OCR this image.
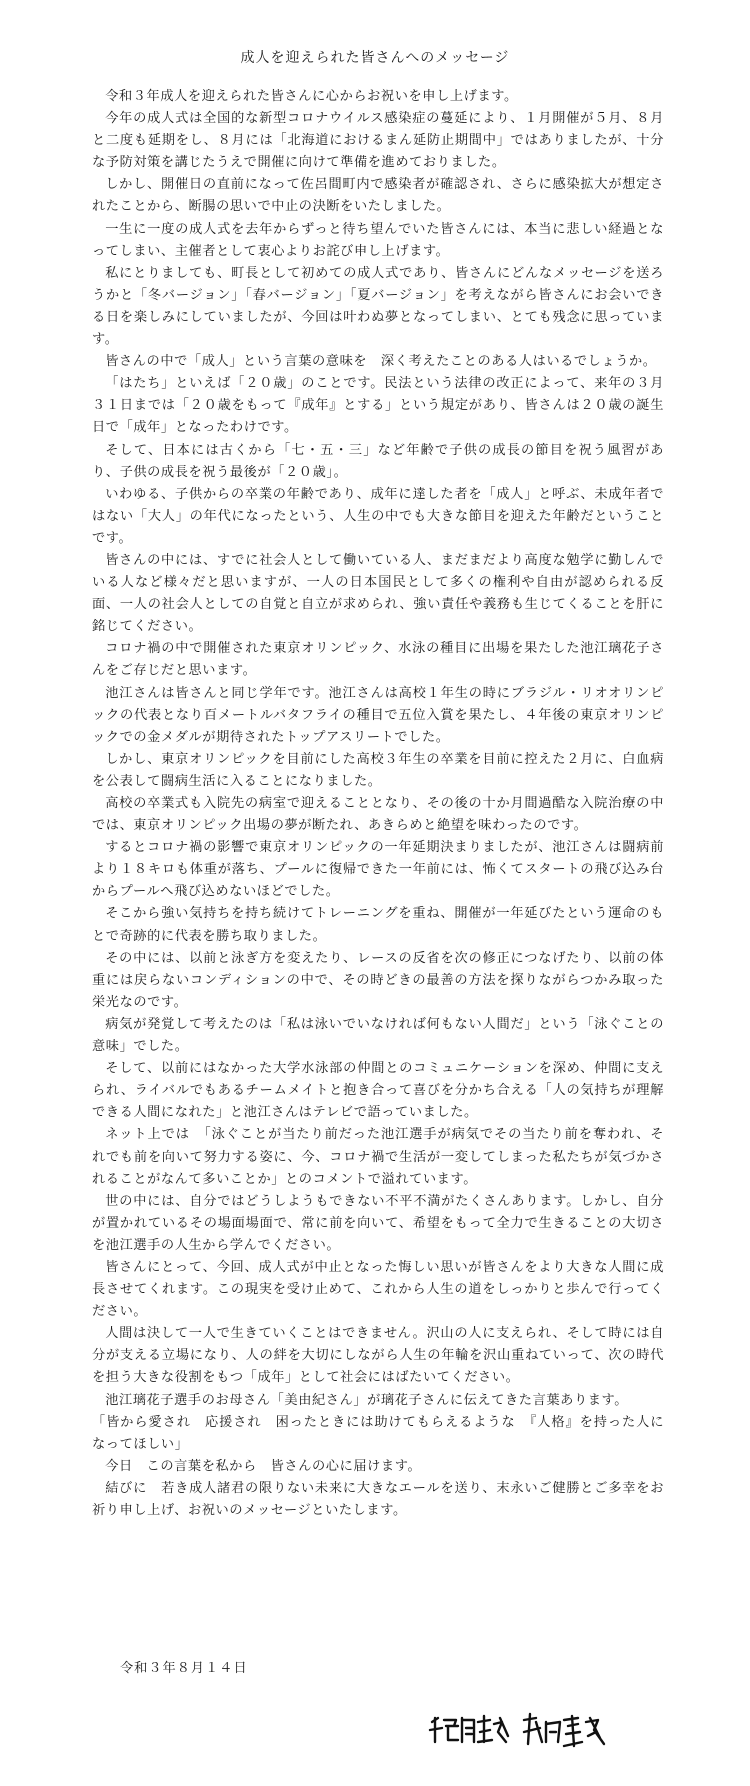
成人を迎えられた皆さんへのメッセージ

令和３年成人を迎えられた皆さんに心からお祝いを申し上げます。

今年の成人式は全国的な新型コロナウイルス感染症の蔓延により、１月開催が５月、８月と二度も延期をし、８月には「北海道におけるまん延防止期間中」ではありましたが、十分な予防対策を講じたうえで開催に向けて準備を進めておりました。

しかし、開催日の直前になって佐呂間町内で感染者が確認され、さらに感染拡大が想定されたことから、断腸の思いで中止の決断をいたしました。

一生に一度の成人式を去年からずっと待ち望んでいた皆さんには、本当に悲しい経過となってしまい、主催者として衷心よりお詫び申し上げます。

私にとりましても、町長として初めての成人式であり、皆さんにどんなメッセージを送ろうかと「冬バージョン」「春バージョン」「夏バージョン」を考えながら皆さんにお会いできる日を楽しみにしていましたが、今回は叶わぬ夢となってしまい、とても残念に思っています。

皆さんの中で「成人」という言葉の意味を　深く考えたことのある人はいるでしょうか。

「はたち」といえば「２０歳」のことです。民法という法律の改正によって、来年の３月３１日までは「２０歳をもって『成年』とする」という規定があり、皆さんは２０歳の誕生日で「成年」となったわけです。

そして、日本には古くから「七・五・三」など年齢で子供の成長の節目を祝う風習があり、子供の成長を祝う最後が「２０歳」。

いわゆる、子供からの卒業の年齢であり、成年に達した者を「成人」と呼ぶ、未成年者ではない「大人」の年代になったという、人生の中でも大きな節目を迎えた年齢だということです。

皆さんの中には、すでに社会人として働いている人、まだまだより高度な勉学に勤しんでいる人など様々だと思いますが、一人の日本国民として多くの権利や自由が認められる反面、一人の社会人としての自覚と自立が求められ、強い責任や義務も生じてくることを肝に銘じてください。

コロナ禍の中で開催された東京オリンピック、水泳の種目に出場を果たした池江璃花子さんをご存じだと思います。

池江さんは皆さんと同じ学年です。池江さんは高校１年生の時にブラジル・リオオリンピックの代表となり百メートルバタフライの種目で五位入賞を果たし、４年後の東京オリンピックでの金メダルが期待されたトップアスリートでした。

しかし、東京オリンピックを目前にした高校３年生の卒業を目前に控えた２月に、白血病を公表して闘病生活に入ることになりました。

高校の卒業式も入院先の病室で迎えることとなり、その後の十か月間過酷な入院治療の中では、東京オリンピック出場の夢が断たれ、あきらめと絶望を味わったのです。

するとコロナ禍の影響で東京オリンピックの一年延期決まりましたが、池江さんは闘病前より１８キロも体重が落ち、プールに復帰できた一年前には、怖くてスタートの飛び込み台からプールへ飛び込めないほどでした。

そこから強い気持ちを持ち続けてトレーニングを重ね、開催が一年延びたという運命のもとで奇跡的に代表を勝ち取りました。

その中には、以前と泳ぎ方を変えたり、レースの反省を次の修正につなげたり、以前の体重には戻らないコンディションの中で、その時どきの最善の方法を探りながらつかみ取った栄光なのです。

病気が発覚して考えたのは「私は泳いでいなければ何もない人間だ」という「泳ぐことの意味」でした。

そして、以前にはなかった大学水泳部の仲間とのコミュニケーションを深め、仲間に支えられ、ライバルでもあるチームメイトと抱き合って喜びを分かち合える「人の気持ちが理解できる人間になれた」と池江さんはテレビで語っていました。

ネット上では　「泳ぐことが当たり前だった池江選手が病気でその当たり前を奪われ、それでも前を向いて努力する姿に、今、コロナ禍で生活が一変してしまった私たちが気づかされることがなんて多いことか」とのコメントで溢れています。

世の中には、自分ではどうしようもできない不平不満がたくさんあります。しかし、自分が置かれているその場面場面で、常に前を向いて、希望をもって全力で生きることの大切さを池江選手の人生から学んでください。

皆さんにとって、今回、成人式が中止となった悔しい思いが皆さんをより大きな人間に成長させてくれます。この現実を受け止めて、これから人生の道をしっかりと歩んで行ってください。

人間は決して一人で生きていくことはできません。沢山の人に支えられ、そして時には自分が支える立場になり、人の絆を大切にしながら人生の年輪を沢山重ねていって、次の時代を担う大きな役割をもつ「成年」として社会にはばたいてください。

池江璃花子選手のお母さん「美由紀さん」が璃花子さんに伝えてきた言葉あります。

「皆から愛され　応援され　困ったときには助けてもらえるような　『人格』を持った人になってほしい」

今日　この言葉を私から　皆さんの心に届けます。

結びに　若き成人諸君の限りない未来に大きなエールを送り、末永いご健勝とご多幸をお祈り申し上げ、お祝いのメッセージといたします。

令和３年８月１４日
